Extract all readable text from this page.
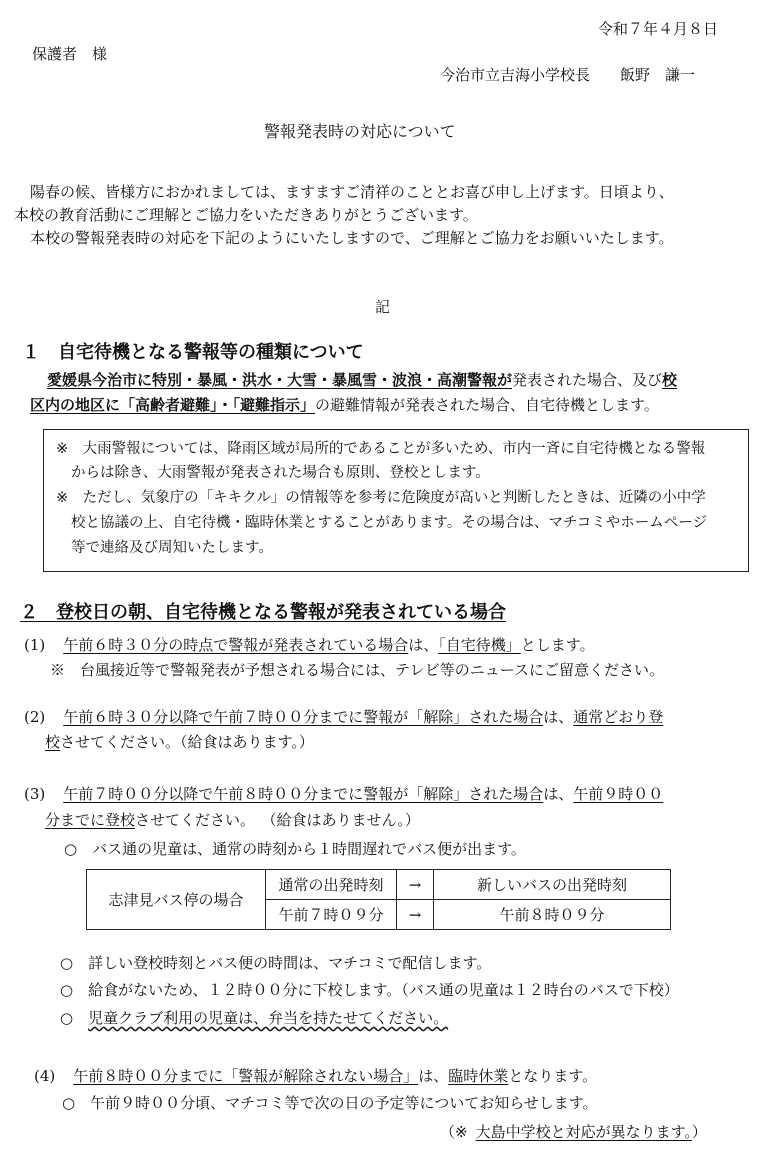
令和７年４月８日
保護者　様
今治市立吉海小学校長　　飯野　謙一
警報発表時の対応について
陽春の候、皆様方におかれましては、ますますご清祥のこととお喜び申し上げます。日頃より、
本校の教育活動にご理解とご協力をいただきありがとうございます。
本校の警報発表時の対応を下記のようにいたしますので、ご理解とご協力をお願いいたします。
記
１　自宅待機となる警報等の種類について
愛媛県今治市に特別・暴風・洪水・大雪・暴風雪・波浪・高潮警報が発表された場合、及び校
区内の地区に「高齢者避難」・「避難指示」の避難情報が発表された場合、自宅待機とします。
※　大雨警報については、降雨区域が局所的であることが多いため、市内一斉に自宅待機となる警報
からは除き、大雨警報が発表された場合も原則、登校とします。
※　ただし、気象庁の「キキクル」の情報等を参考に危険度が高いと判断したときは、近隣の小中学
校と協議の上、自宅待機・臨時休業とすることがあります。その場合は、マチコミやホームページ
等で連絡及び周知いたします。
２　登校日の朝、自宅待機となる警報が発表されている場合
(1) 午前６時３０分の時点で警報が発表されている場合は、「自宅待機」とします。
※　台風接近等で警報発表が予想される場合には、テレビ等のニュースにご留意ください。
(2) 午前６時３０分以降で午前７時００分までに警報が「解除」された場合は、通常どおり登
校させてください。（給食はあります。）
(3) 午前７時００分以降で午前８時００分までに警報が「解除」された場合は、午前９時００
分までに登校させてください。 （給食はありません。）
○　バス通の児童は、通常の時刻から１時間遅れでバス便が出ます。
志津見バス停の場合	通常の出発時刻	→	新しいバスの出発時刻
	午前７時０９分	→	午前８時０９分
○　詳しい登校時刻とバス便の時間は、マチコミで配信します。
○　給食がないため、１２時００分に下校します。（バス通の児童は１２時台のバスで下校）
○　児童クラブ利用の児童は、弁当を持たせてください。
(4) 午前８時００分までに「警報が解除されない場合」は、臨時休業となります。
○　午前９時００分頃、マチコミ等で次の日の予定等についてお知らせします。
（※ 大島中学校と対応が異なります。）
